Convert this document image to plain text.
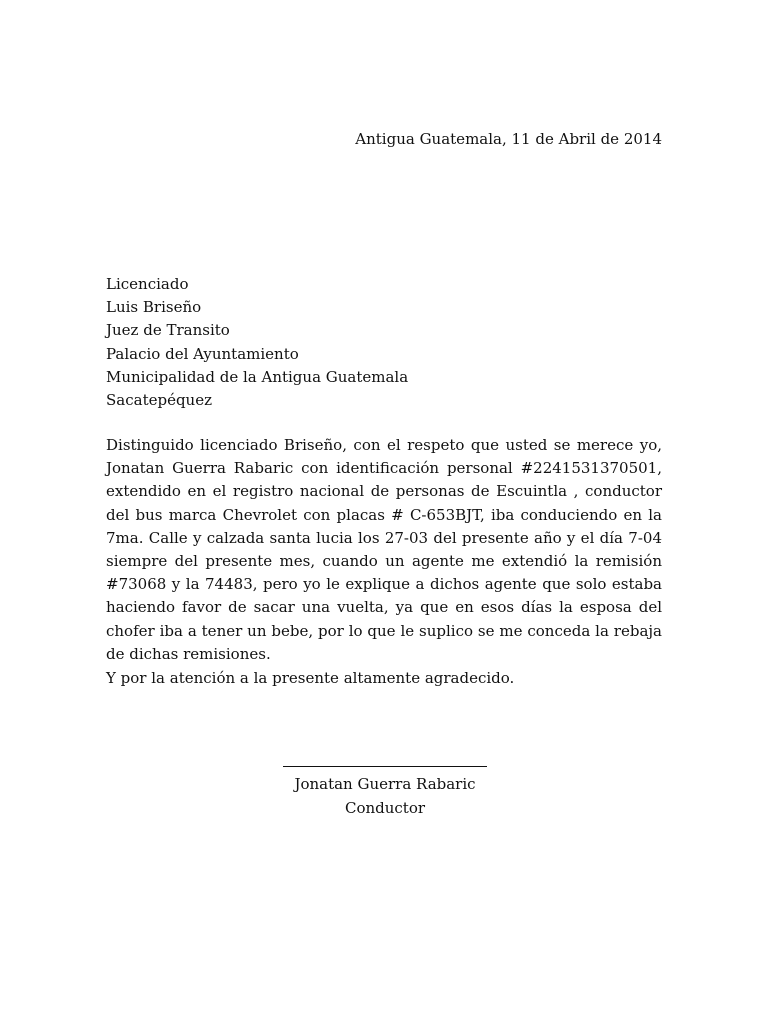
Antigua Guatemala, 11 de Abril de 2014
Licenciado
Luis Briseño
Juez de Transito
Palacio del Ayuntamiento
Municipalidad de la Antigua Guatemala
Sacatepéquez

Distinguido licenciado Briseño, con el respeto que usted se merece yo, Jonatan Guerra Rabaric con identificación personal #2241531370501, extendido en el registro nacional de personas de Escuintla , conductor del bus marca Chevrolet con placas # C-653BJT, iba conduciendo en la 7ma. Calle y calzada santa lucia los 27-03 del presente año y el día 7-04 siempre del presente mes, cuando un agente me extendió la remisión #73068 y la 74483, pero yo le explique a dichos agente que solo estaba haciendo favor de sacar una vuelta, ya que en esos días la esposa del chofer iba a tener un bebe, por lo que le suplico se me conceda la rebaja de dichas remisiones.

Y por la atención a la presente altamente agradecido.
Jonatan Guerra Rabaric
Conductor
